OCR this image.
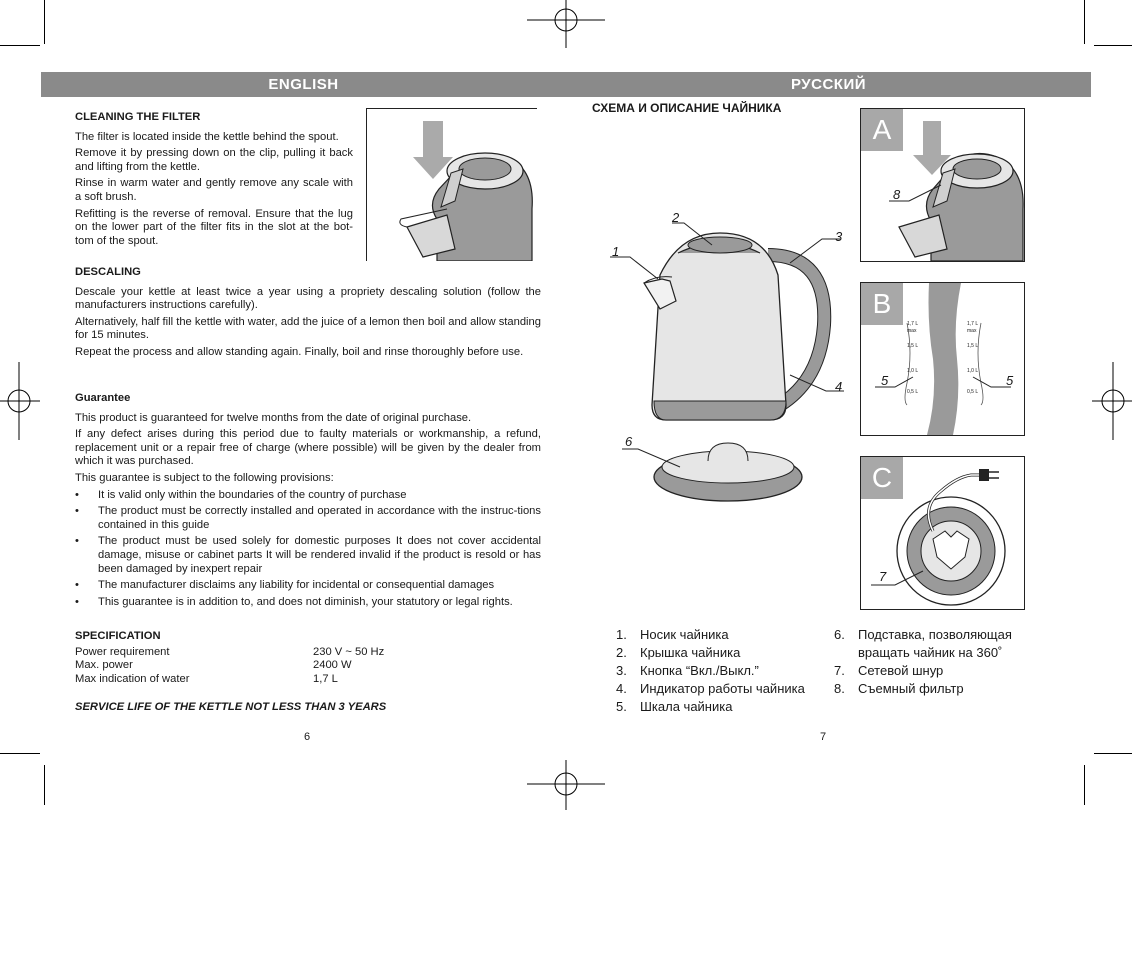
ENGLISH	РУССКИЙ
CLEANING THE FILTER

The filter is located inside the kettle behind the spout.

Remove it by pressing down on the clip, pulling it back and lifting from the kettle.

Rinse in warm water and gently remove any scale with a soft brush.

Refitting is the reverse of removal. Ensure that the lug on the lower part of the filter fits in the slot at the bot-tom of the spout.

DESCALING

Descale your kettle at least twice a year using a propriety descaling solution (follow the manufacturers instructions carefully).

Alternatively, half fill the kettle with water, add the juice of a lemon then boil and allow standing for 15 minutes.

Repeat the process and allow standing again. Finally, boil and rinse thoroughly before use.

Guarantee

This product is guaranteed for twelve months from the date of original purchase.

If any defect arises during this period due to faulty materials or workmanship, a refund, replacement unit or a repair free of charge (where possible) will be given by the dealer from which it was purchased.

This guarantee is subject to the following provisions:

• It is valid only within the boundaries of the country of purchase
• The product must be correctly installed and operated in accordance with the instruc-tions contained in this guide
• The product must be used solely for domestic purposes It does not cover accidental damage, misuse or cabinet parts It will be rendered invalid if the product is resold or has been damaged by inexpert repair
• The manufacturer disclaims any liability for incidental or consequential damages
• This guarantee is in addition to, and does not diminish, your statutory or legal rights.
SPECIFICATION
Power requirement	230 V ~ 50 Hz
Max. power	2400 W
Max indication of water	1,7 L
SERVICE LIFE OF THE KETTLE NOT LESS THAN 3 YEARS
6
СХЕМА И ОПИСАНИЕ ЧАЙНИКА
1
2
3
4
6
A
8
B
1,7 L
max
1,5 L
1,0 L
0,5 L
1,7 L
max
1,5 L
1,0 L
0,5 L
5	5
C
7
1.	Носик чайника
2.	Крышка чайника
3.	Кнопка “Вкл./Выкл.”
4.	Индикатор работы чайника
5.	Шкала чайника
6.	Подставка, позволяющая
вращать чайник на 360˚
7.	Сетевой шнур
8.	Съемный фильтр
7
